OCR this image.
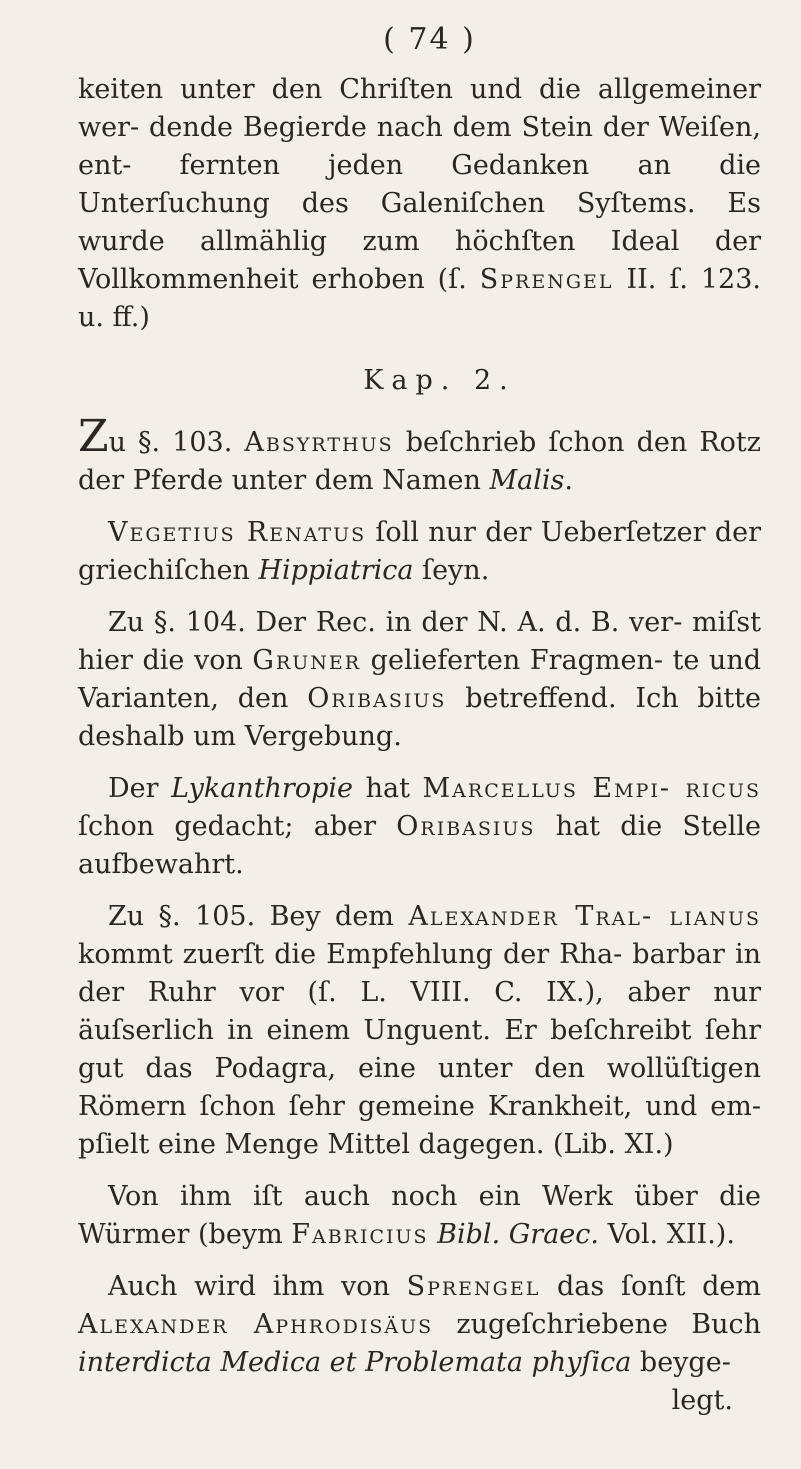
( 74 )

keiten unter den Chriſten und die allgemeiner wer- dende Begierde nach dem Stein der Weiſen, ent- fernten jeden Gedanken an die Unterſuchung des Galeniſchen Syſtems. Es wurde allmählig zum höchſten Ideal der Vollkommenheit erhoben (ſ. Sprengel II. ſ. 123. u. ff.)

Kap. 2.

Zu §. 103. Absyrthus beſchrieb ſchon den Rotz der Pferde unter dem Namen Malis.

Vegetius Renatus ſoll nur der Ueberſetzer der griechiſchen Hippiatrica ſeyn.

Zu §. 104. Der Rec. in der N. A. d. B. ver- miſst hier die von Gruner gelieferten Fragmen- te und Varianten, den Oribasius betreffend. Ich bitte deshalb um Vergebung.

Der Lykanthropie hat Marcellus Empi- ricus ſchon gedacht; aber Oribasius hat die Stelle aufbewahrt.

Zu §. 105. Bey dem Alexander Tral- lianus kommt zuerſt die Empfehlung der Rha- barbar in der Ruhr vor (ſ. L. VIII. C. IX.), aber nur äuſserlich in einem Unguent. Er beſchreibt ſehr gut das Podagra, eine unter den wollüſtigen Römern ſchon ſehr gemeine Krankheit, und em- pſielt eine Menge Mittel dagegen. (Lib. XI.)

Von ihm iſt auch noch ein Werk über die Würmer (beym Fabricius Bibl. Graec. Vol. XII.).

Auch wird ihm von Sprengel das ſonſt dem Alexander Aphrodisäus zugeſchriebene Buch interdicta Medica et Problemata phyſica beyge-

legt.
